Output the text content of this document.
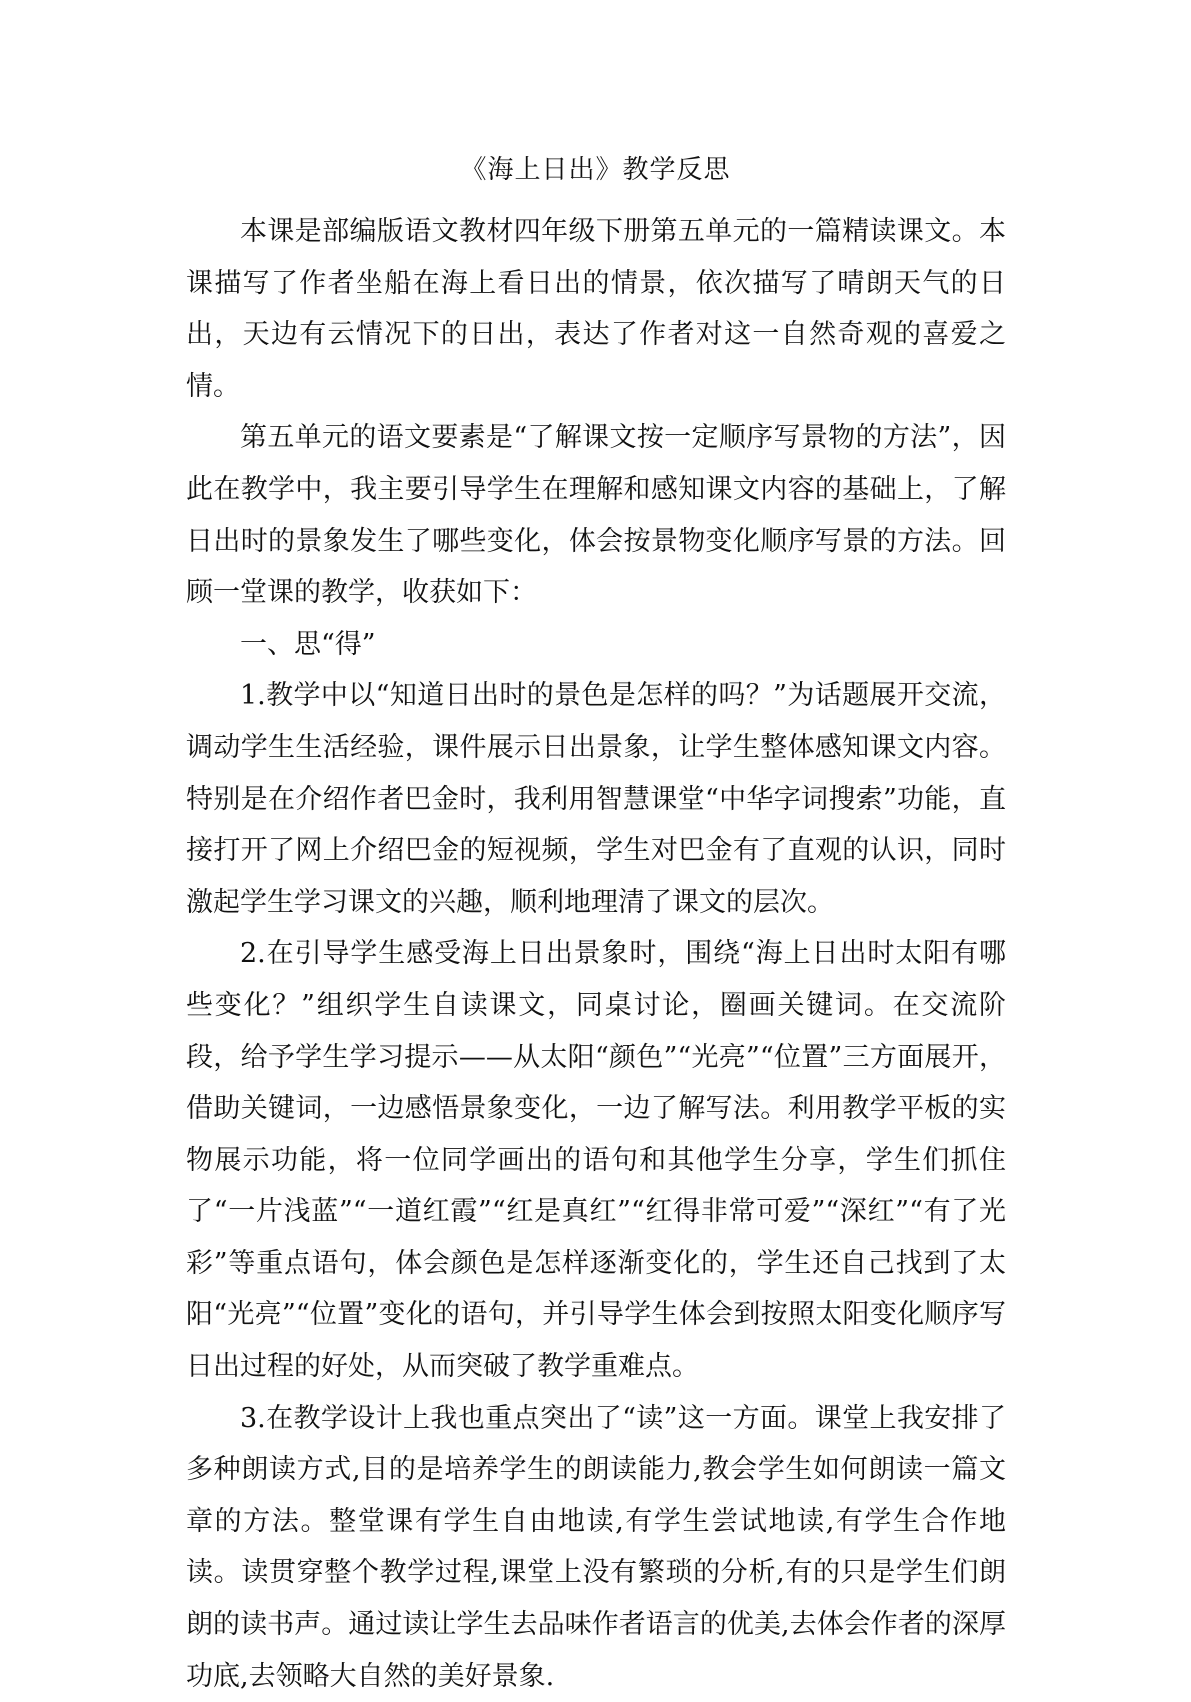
《海上日出》教学反思

本课是部编版语文教材四年级下册第五单元的一篇精读课文。本课描写了作者坐船在海上看日出的情景，依次描写了晴朗天气的日出，天边有云情况下的日出，表达了作者对这一自然奇观的喜爱之情。

第五单元的语文要素是“了解课文按一定顺序写景物的方法”，因此在教学中，我主要引导学生在理解和感知课文内容的基础上，了解日出时的景象发生了哪些变化，体会按景物变化顺序写景的方法。回顾一堂课的教学，收获如下：

一、思“得”

1.教学中以“知道日出时的景色是怎样的吗？”为话题展开交流，调动学生生活经验，课件展示日出景象，让学生整体感知课文内容。特别是在介绍作者巴金时，我利用智慧课堂“中华字词搜索”功能，直接打开了网上介绍巴金的短视频，学生对巴金有了直观的认识，同时激起学生学习课文的兴趣，顺利地理清了课文的层次。

2.在引导学生感受海上日出景象时，围绕“海上日出时太阳有哪些变化？”组织学生自读课文，同桌讨论，圈画关键词。在交流阶段，给予学生学习提示——从太阳“颜色”“光亮”“位置”三方面展开，借助关键词，一边感悟景象变化，一边了解写法。利用教学平板的实物展示功能，将一位同学画出的语句和其他学生分享，学生们抓住了“一片浅蓝”“一道红霞”“红是真红”“红得非常可爱”“深红”“有了光彩”等重点语句，体会颜色是怎样逐渐变化的，学生还自己找到了太阳“光亮”“位置”变化的语句，并引导学生体会到按照太阳变化顺序写日出过程的好处，从而突破了教学重难点。

3.在教学设计上我也重点突出了“读”这一方面。课堂上我安排了多种朗读方式,目的是培养学生的朗读能力,教会学生如何朗读一篇文章的方法。整堂课有学生自由地读,有学生尝试地读,有学生合作地读。读贯穿整个教学过程,课堂上没有繁琐的分析,有的只是学生们朗朗的读书声。通过读让学生去品味作者语言的优美,去体会作者的深厚功底,去领略大自然的美好景象.
